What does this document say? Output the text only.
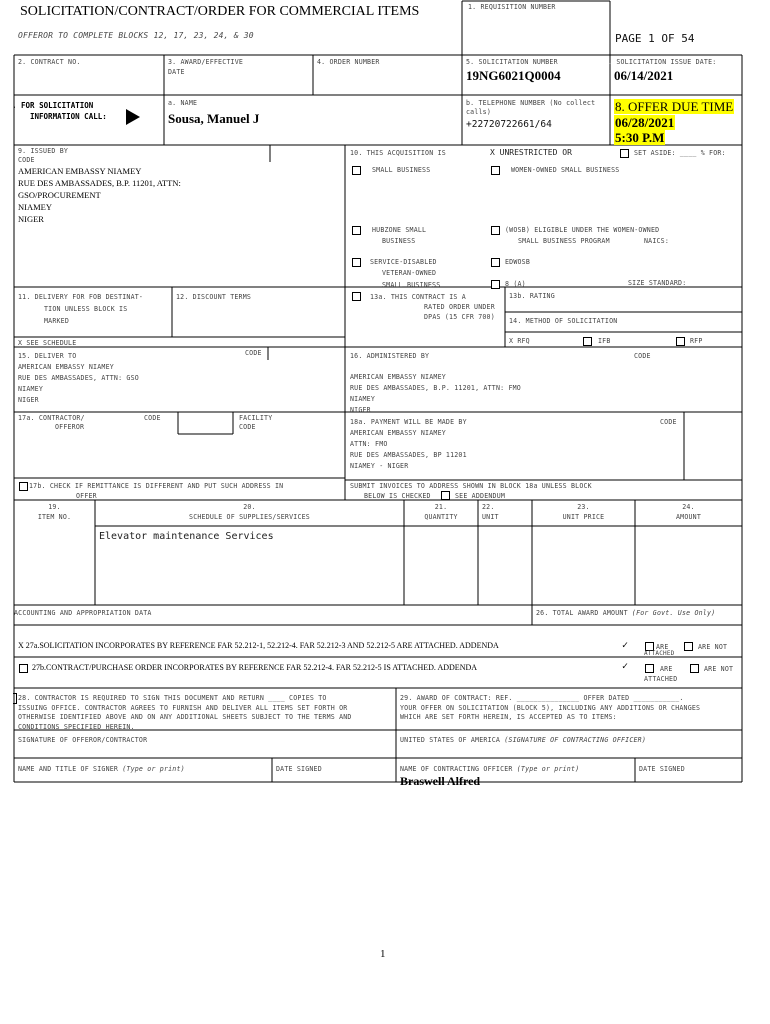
SOLICITATION/CONTRACT/ORDER FOR COMMERCIAL ITEMS
OFFEROR TO COMPLETE BLOCKS 12, 17, 23, 24, & 30
1. REQUISITION NUMBER
PAGE 1 OF 54
2. CONTRACT NO.	3. AWARD/EFFECTIVE
DATE
4. ORDER NUMBER	5. SOLICITATION NUMBER
19NG6021Q0004
. SOLICITATION ISSUE DATE:
06/14/2021
. FOR SOLICITATION
INFORMATION CALL:
a. NAME
Sousa, Manuel J
b. TELEPHONE NUMBER (No collect
calls)
+22720722661/64
8. OFFER DUE TIME
06/28/2021
5:30 P.M
9. ISSUED BY
CODE
AMERICAN EMBASSY NIAMEY
RUE DES AMBASSADES, B.P. 11201, ATTN:
GSO/PROCUREMENT
NIAMEY
NIGER
10. THIS ACQUISITION IS	X UNRESTRICTED OR	SET ASIDE: ____ % FOR:
SMALL BUSINESS	WOMEN-OWNED SMALL BUSINESS
HUBZONE SMALL
BUSINESS
(WOSB) ELIGIBLE UNDER THE WOMEN-OWNED
SMALL BUSINESS PROGRAM	NAICS:
SERVICE-DISABLED
VETERAN-OWNED
SMALL BUSINESS
EDWOSB
8 (A)	SIZE STANDARD:
11. DELIVERY FOR FOB DESTINAT-
TION UNLESS BLOCK IS
MARKED
X SEE SCHEDULE
12. DISCOUNT TERMS	13a. THIS CONTRACT IS A
RATED ORDER UNDER
DPAS (15 CFR 700)
13b. RATING
14. METHOD OF SOLICITATION
X RFQ	IFB	RFP
15. DELIVER TO	CODE
AMERICAN EMBASSY NIAMEY
RUE DES AMBASSADES, ATTN: GSO
NIAMEY
NIGER
16. ADMINISTERED BY	CODE
AMERICAN EMBASSY NIAMEY
RUE DES AMBASSADES, B.P. 11201, ATTN: FMO
NIAMEY
NIGER
17a. CONTRACTOR/
OFFEROR
CODE	FACILITY
CODE
17b. CHECK IF REMITTANCE IS DIFFERENT AND PUT SUCH ADDRESS IN
OFFER
18a. PAYMENT WILL BE MADE BY	CODE
AMERICAN EMBASSY NIAMEY
ATTN: FMO
RUE DES AMBASSADES, BP 11201
NIAMEY - NIGER
SUBMIT INVOICES TO ADDRESS SHOWN IN BLOCK 18a UNLESS BLOCK
BELOW IS CHECKED	SEE ADDENDUM
19.
ITEM NO.
20.
SCHEDULE OF SUPPLIES/SERVICES
21.
QUANTITY
22.
UNIT
23.
UNIT PRICE
24.
AMOUNT
Elevator maintenance Services
ACCOUNTING AND APPROPRIATION DATA	26. TOTAL AWARD AMOUNT (For Govt. Use Only)
X 27a.SOLICITATION INCORPORATES BY REFERENCE FAR 52.212-1, 52.212-4. FAR 52.212-3 AND 52.212-5 ARE ATTACHED. ADDENDA	✓	ARE	ARE NOT
ATTACHED
27b.CONTRACT/PURCHASE ORDER INCORPORATES BY REFERENCE FAR 52.212-4. FAR 52.212-5 IS ATTACHED. ADDENDA	✓	ARE	ARE NOT
ATTACHED
28. CONTRACTOR IS REQUIRED TO SIGN THIS DOCUMENT AND RETURN ____ COPIES TO
ISSUING OFFICE. CONTRACTOR AGREES TO FURNISH AND DELIVER ALL ITEMS SET FORTH OR
OTHERWISE IDENTIFIED ABOVE AND ON ANY ADDITIONAL SHEETS SUBJECT TO THE TERMS AND
CONDITIONS SPECIFIED HEREIN.
29. AWARD OF CONTRACT: REF. _______________ OFFER DATED ___________.
YOUR OFFER ON SOLICITATION (BLOCK 5), INCLUDING ANY ADDITIONS OR CHANGES
WHICH ARE SET FORTH HEREIN, IS ACCEPTED AS TO ITEMS:
SIGNATURE OF OFFEROR/CONTRACTOR	UNITED STATES OF AMERICA (SIGNATURE OF CONTRACTING OFFICER)
NAME AND TITLE OF SIGNER (Type or print)	DATE SIGNED	NAME OF CONTRACTING OFFICER (Type or print)
Braswell Alfred
DATE SIGNED
1
